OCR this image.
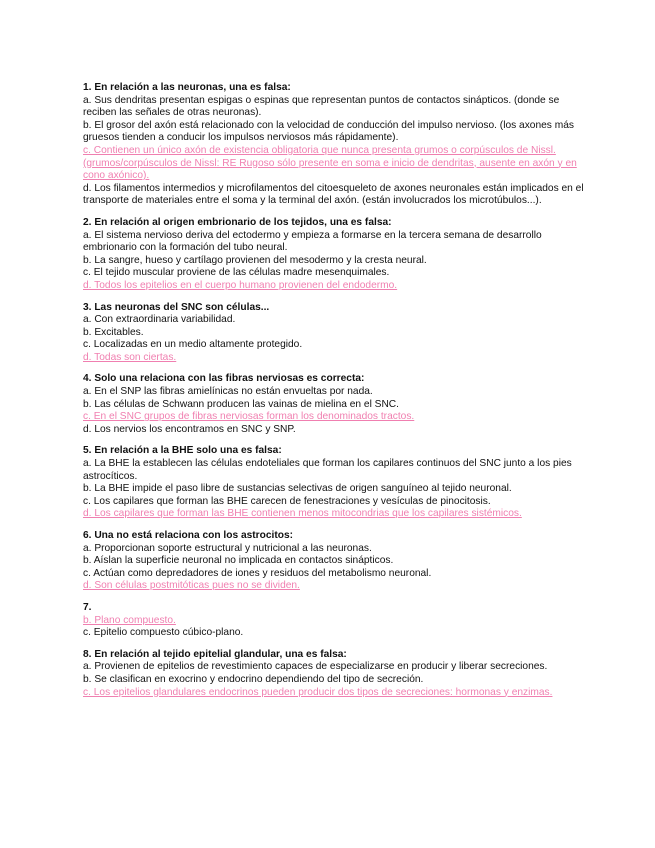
1. En relación a las neuronas, una es falsa:
a. Sus dendritas presentan espigas o espinas que representan puntos de contactos sinápticos. (donde se reciben las señales de otras neuronas).
b. El grosor del axón está relacionado con la velocidad de conducción del impulso nervioso. (los axones más gruesos tienden a conducir los impulsos nerviosos más rápidamente).
c. Contienen un único axón de existencia obligatoria que nunca presenta grumos o corpúsculos de Nissl. (grumos/corpúsculos de Nissl: RE Rugoso sólo presente en soma e inicio de dendritas, ausente en axón y en cono axónico).
d. Los filamentos intermedios y microfilamentos del citoesqueleto de axones neuronales están implicados en el transporte de materiales entre el soma y la terminal del axón. (están involucrados los microtúbulos...).
2. En relación al origen embrionario de los tejidos, una es falsa:
a. El sistema nervioso deriva del ectodermo y empieza a formarse en la tercera semana de desarrollo embrionario con la formación del tubo neural.
b. La sangre, hueso y cartílago provienen del mesodermo y la cresta neural.
c. El tejido muscular proviene de las células madre mesenquimales.
d. Todos los epitelios en el cuerpo humano provienen del endodermo.
3. Las neuronas del SNC son células...
a. Con extraordinaria variabilidad.
b. Excitables.
c. Localizadas en un medio altamente protegido.
d. Todas son ciertas.
4. Solo una relaciona con las fibras nerviosas es correcta:
a. En el SNP las fibras amielínicas no están envueltas por nada.
b. Las células de Schwann producen las vainas de mielina en el SNC.
c. En el SNC grupos de fibras nerviosas forman los denominados tractos.
d. Los nervios los encontramos en SNC y SNP.
5. En relación a la BHE solo una es falsa:
a. La BHE la establecen las células endoteliales que forman los capilares continuos del SNC junto a los pies astrocíticos.
b. La BHE impide el paso libre de sustancias selectivas de origen sanguíneo al tejido neuronal.
c. Los capilares que forman las BHE carecen de fenestraciones y vesículas de pinocitosis.
d. Los capilares que forman las BHE contienen menos mitocondrias que los capilares sistémicos.
6. Una no está relaciona con los astrocitos:
a. Proporcionan soporte estructural y nutricional a las neuronas.
b. Aíslan la superficie neuronal no implicada en contactos sinápticos.
c. Actúan como depredadores de iones y residuos del metabolismo neuronal.
d. Son células postmitóticas pues no se dividen.
7.
b. Plano compuesto.
c. Epitelio compuesto cúbico-plano.
8. En relación al tejido epitelial glandular, una es falsa:
a. Provienen de epitelios de revestimiento capaces de especializarse en producir y liberar secreciones.
b. Se clasifican en exocrino y endocrino dependiendo del tipo de secreción.
c. Los epitelios glandulares endocrinos pueden producir dos tipos de secreciones: hormonas y enzimas.
